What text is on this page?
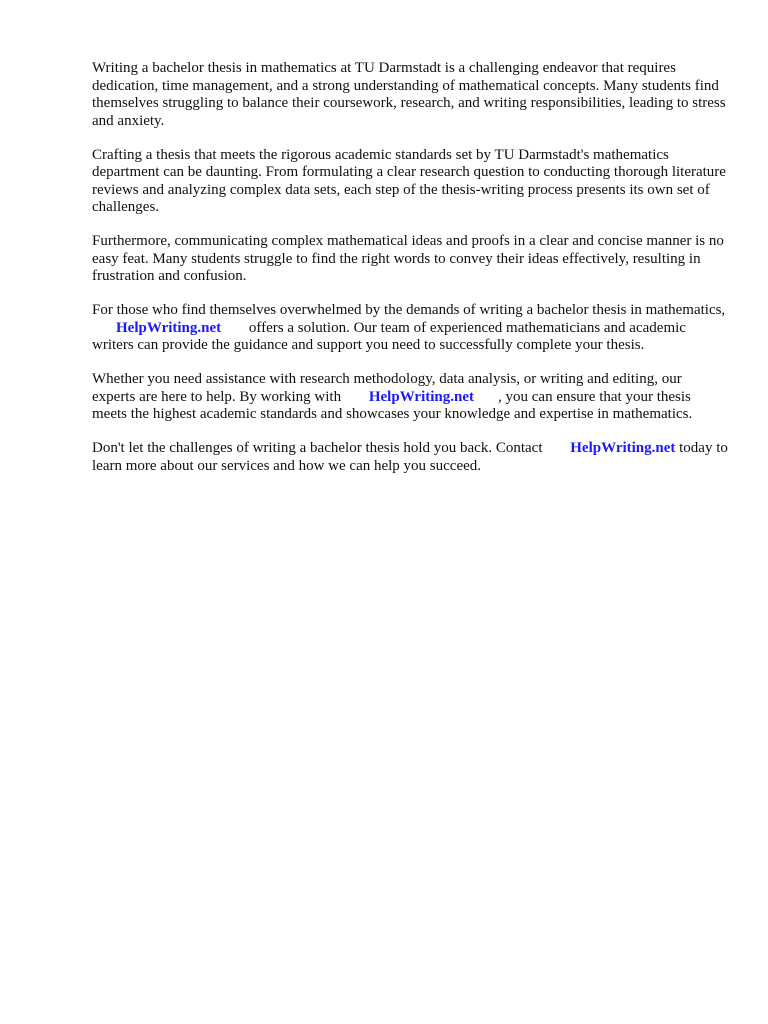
Writing a bachelor thesis in mathematics at TU Darmstadt is a challenging endeavor that requires dedication, time management, and a strong understanding of mathematical concepts. Many students find themselves struggling to balance their coursework, research, and writing responsibilities, leading to stress and anxiety.

Crafting a thesis that meets the rigorous academic standards set by TU Darmstadt's mathematics department can be daunting. From formulating a clear research question to conducting thorough literature reviews and analyzing complex data sets, each step of the thesis-writing process presents its own set of challenges.

Furthermore, communicating complex mathematical ideas and proofs in a clear and concise manner is no easy feat. Many students struggle to find the right words to convey their ideas effectively, resulting in frustration and confusion.

For those who find themselves overwhelmed by the demands of writing a bachelor thesis in mathematics, HelpWriting.net offers a solution. Our team of experienced mathematicians and academic writers can provide the guidance and support you need to successfully complete your thesis.

Whether you need assistance with research methodology, data analysis, or writing and editing, our experts are here to help. By working with HelpWriting.net , you can ensure that your thesis meets the highest academic standards and showcases your knowledge and expertise in mathematics.

Don't let the challenges of writing a bachelor thesis hold you back. Contact HelpWriting.net today to learn more about our services and how we can help you succeed.
